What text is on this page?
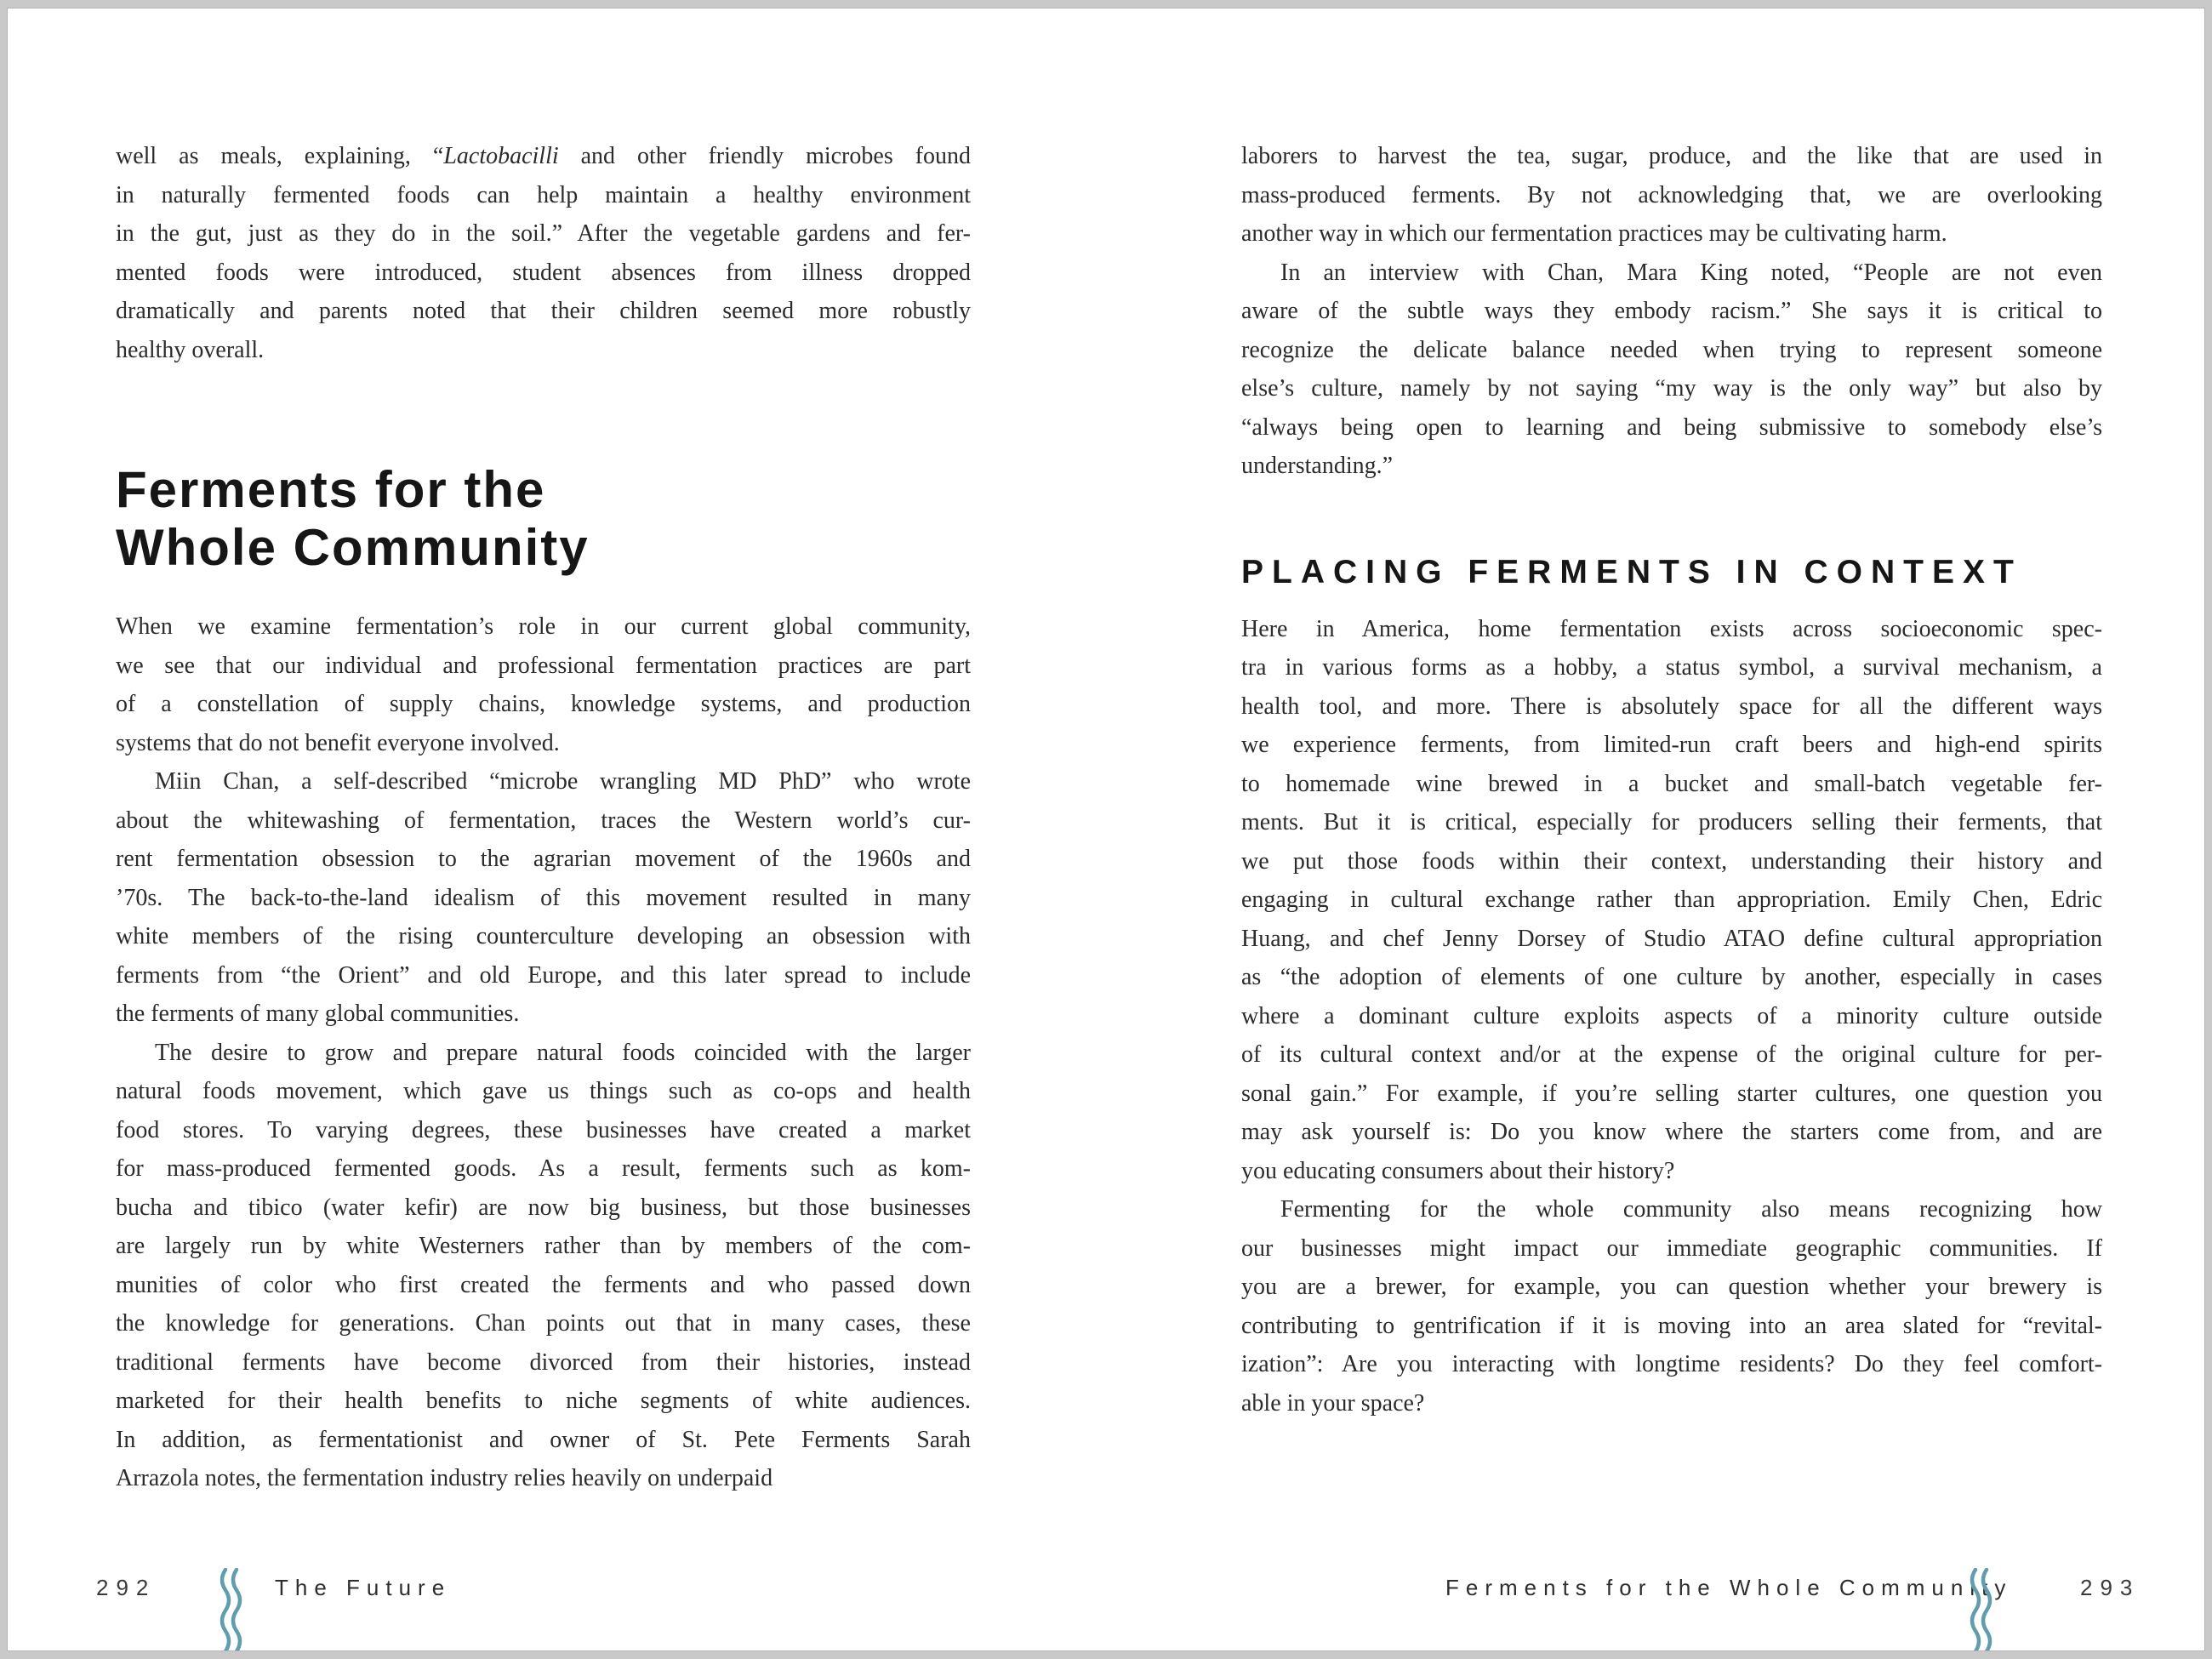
well as meals, explaining, “Lactobacilli and other friendly microbes found
in naturally fermented foods can help maintain a healthy environment
in the gut, just as they do in the soil.” After the vegetable gardens and fer-
mented foods were introduced, student absences from illness dropped
dramatically and parents noted that their children seemed more robustly
healthy overall.
Ferments for the
Whole Community
When we examine fermentation’s role in our current global community,
we see that our individual and professional fermentation practices are part
of a constellation of supply chains, knowledge systems, and production
systems that do not benefit everyone involved.
Miin Chan, a self-described “microbe wrangling MD PhD” who wrote
about the whitewashing of fermentation, traces the Western world’s cur-
rent fermentation obsession to the agrarian movement of the 1960s and
’70s. The back-to-the-land idealism of this movement resulted in many
white members of the rising counterculture developing an obsession with
ferments from “the Orient” and old Europe, and this later spread to include
the ferments of many global communities.
The desire to grow and prepare natural foods coincided with the larger
natural foods movement, which gave us things such as co-ops and health
food stores. To varying degrees, these businesses have created a market
for mass-produced fermented goods. As a result, ferments such as kom-
bucha and tibico (water kefir) are now big business, but those businesses
are largely run by white Westerners rather than by members of the com-
munities of color who first created the ferments and who passed down
the knowledge for generations. Chan points out that in many cases, these
traditional ferments have become divorced from their histories, instead
marketed for their health benefits to niche segments of white audiences.
In addition, as fermentationist and owner of St. Pete Ferments Sarah
Arrazola notes, the fermentation industry relies heavily on underpaid
laborers to harvest the tea, sugar, produce, and the like that are used in
mass-produced ferments. By not acknowledging that, we are overlooking
another way in which our fermentation practices may be cultivating harm.
In an interview with Chan, Mara King noted, “People are not even
aware of the subtle ways they embody racism.” She says it is critical to
recognize the delicate balance needed when trying to represent someone
else’s culture, namely by not saying “my way is the only way” but also by
“always being open to learning and being submissive to somebody else’s
understanding.”
PLACING FERMENTS IN CONTEXT
Here in America, home fermentation exists across socioeconomic spec-
tra in various forms as a hobby, a status symbol, a survival mechanism, a
health tool, and more. There is absolutely space for all the different ways
we experience ferments, from limited-run craft beers and high-end spirits
to homemade wine brewed in a bucket and small-batch vegetable fer-
ments. But it is critical, especially for producers selling their ferments, that
we put those foods within their context, understanding their history and
engaging in cultural exchange rather than appropriation. Emily Chen, Edric
Huang, and chef Jenny Dorsey of Studio ATAO define cultural appropriation
as “the adoption of elements of one culture by another, especially in cases
where a dominant culture exploits aspects of a minority culture outside
of its cultural context and/or at the expense of the original culture for per-
sonal gain.” For example, if you’re selling starter cultures, one question you
may ask yourself is: Do you know where the starters come from, and are
you educating consumers about their history?
Fermenting for the whole community also means recognizing how
our businesses might impact our immediate geographic communities. If
you are a brewer, for example, you can question whether your brewery is
contributing to gentrification if it is moving into an area slated for “revital-
ization”: Are you interacting with longtime residents? Do they feel comfort-
able in your space?
292	The Future	Ferments for the Whole Community	293
